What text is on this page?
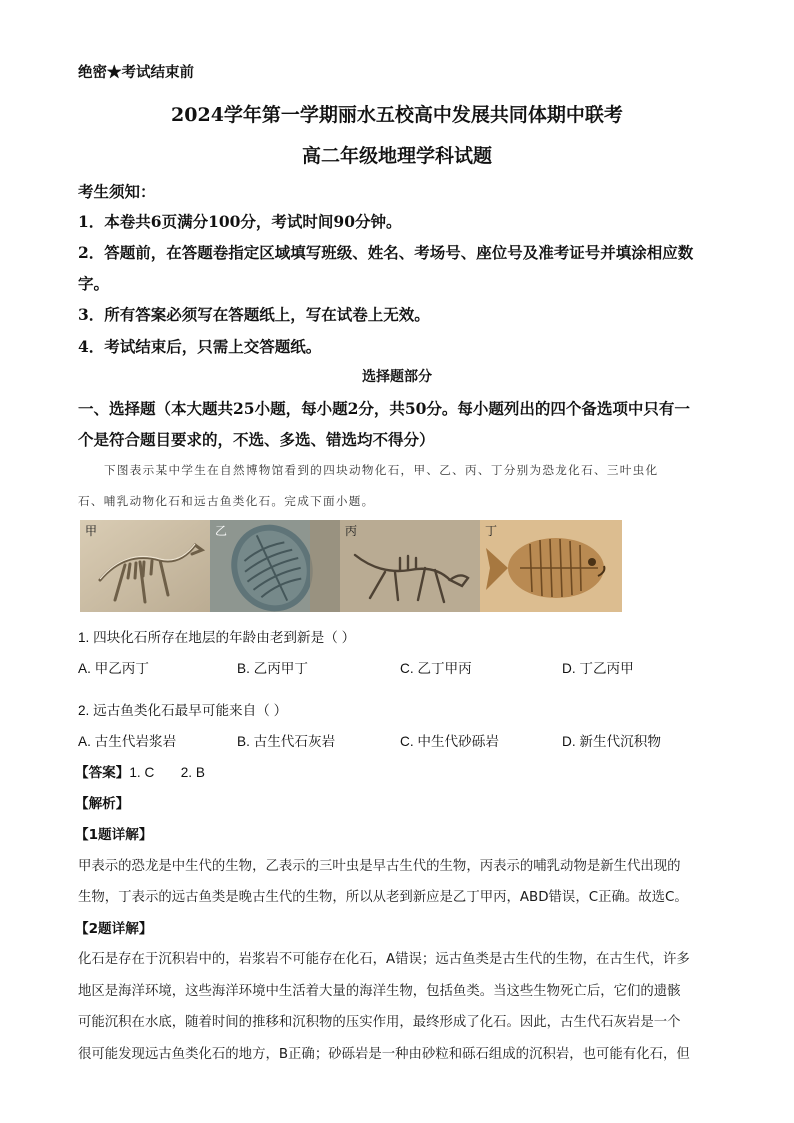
绝密★考试结束前
2024学年第一学期丽水五校高中发展共同体期中联考
高二年级地理学科试题
考生须知：
1．本卷共6页满分100分，考试时间90分钟。
2．答题前，在答题卷指定区域填写班级、姓名、考场号、座位号及准考证号并填涂相应数
字。
3．所有答案必须写在答题纸上，写在试卷上无效。
4．考试结束后，只需上交答题纸。
选择题部分
一、选择题（本大题共25小题，每小题2分，共50分。每小题列出的四个备选项中只有一
个是符合题目要求的，不选、多选、错选均不得分）
下图表示某中学生在自然博物馆看到的四块动物化石，甲、乙、丙、丁分别为恐龙化石、三叶虫化
石、哺乳动物化石和远古鱼类化石。完成下面小题。
甲	乙	丙	丁
1. 四块化石所存在地层的年龄由老到新是（ ）
A. 甲乙丙丁	B. 乙丙甲丁	C. 乙丁甲丙	D. 丁乙丙甲
2. 远古鱼类化石最早可能来自（ ）
A. 古生代岩浆岩	B. 古生代石灰岩	C. 中生代砂砾岩	D. 新生代沉积物
【答案】1. C       2. B
【解析】
【1题详解】
甲表示的恐龙是中生代的生物，乙表示的三叶虫是早古生代的生物，丙表示的哺乳动物是新生代出现的
生物，丁表示的远古鱼类是晚古生代的生物，所以从老到新应是乙丁甲丙，ABD错误，C正确。故选C。
【2题详解】
化石是存在于沉积岩中的，岩浆岩不可能存在化石，A错误；远古鱼类是古生代的生物，在古生代，许多
地区是海洋环境，这些海洋环境中生活着大量的海洋生物，包括鱼类。当这些生物死亡后，它们的遗骸
可能沉积在水底，随着时间的推移和沉积物的压实作用，最终形成了化石。因此，古生代石灰岩是一个
很可能发现远古鱼类化石的地方，B正确；砂砾岩是一种由砂粒和砾石组成的沉积岩，也可能有化石，但
